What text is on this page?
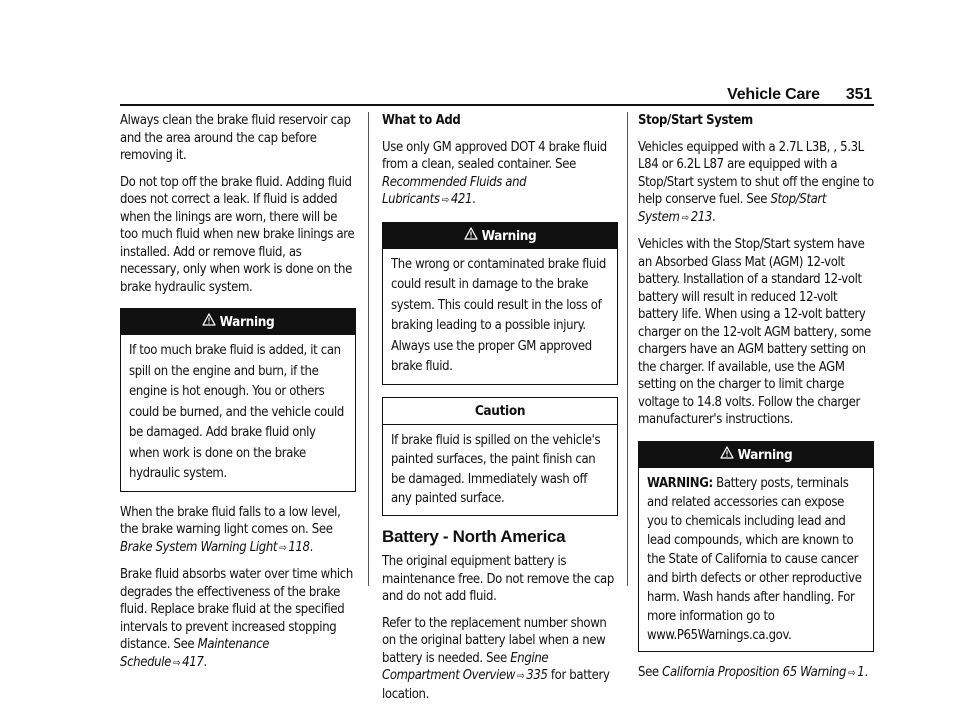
Vehicle Care 351

Always clean the brake fluid reservoir cap and the area around the cap before removing it.

Do not top off the brake fluid. Adding fluid does not correct a leak. If fluid is added when the linings are worn, there will be too much fluid when new brake linings are installed. Add or remove fluid, as necessary, only when work is done on the brake hydraulic system.

Warning
If too much brake fluid is added, it can spill on the engine and burn, if the engine is hot enough. You or others could be burned, and the vehicle could be damaged. Add brake fluid only when work is done on the brake hydraulic system.

When the brake fluid falls to a low level, the brake warning light comes on. See Brake System Warning Light ⇨ 118.

Brake fluid absorbs water over time which degrades the effectiveness of the brake fluid. Replace brake fluid at the specified intervals to prevent increased stopping distance. See Maintenance Schedule ⇨ 417.

What to Add

Use only GM approved DOT 4 brake fluid from a clean, sealed container. See Recommended Fluids and Lubricants ⇨ 421.

Warning
The wrong or contaminated brake fluid could result in damage to the brake system. This could result in the loss of braking leading to a possible injury. Always use the proper GM approved brake fluid.
Caution
If brake fluid is spilled on the vehicle's painted surfaces, the paint finish can be damaged. Immediately wash off any painted surface.
Battery - North America

The original equipment battery is maintenance free. Do not remove the cap and do not add fluid.

Refer to the replacement number shown on the original battery label when a new battery is needed. See Engine Compartment Overview ⇨ 335 for battery location.

Stop/Start System

Vehicles equipped with a 2.7L L3B, , 5.3L L84 or 6.2L L87 are equipped with a Stop/Start system to shut off the engine to help conserve fuel. See Stop/Start System ⇨ 213.

Vehicles with the Stop/Start system have an Absorbed Glass Mat (AGM) 12-volt battery. Installation of a standard 12-volt battery will result in reduced 12-volt battery life. When using a 12-volt battery charger on the 12-volt AGM battery, some chargers have an AGM battery setting on the charger. If available, use the AGM setting on the charger to limit charge voltage to 14.8 volts. Follow the charger manufacturer's instructions.

Warning
WARNING: Battery posts, terminals and related accessories can expose you to chemicals including lead and lead compounds, which are known to the State of California to cause cancer and birth defects or other reproductive harm. Wash hands after handling. For more information go to www.P65Warnings.ca.gov.

See California Proposition 65 Warning ⇨ 1.
